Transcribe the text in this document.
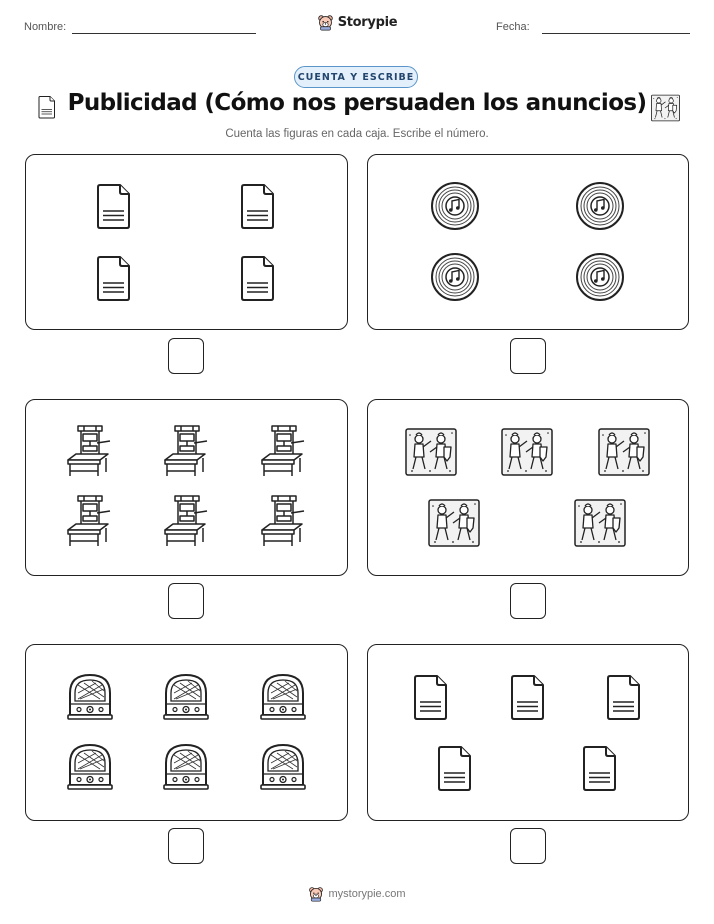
Nombre:	Storypie	Fecha:
CUENTA Y ESCRIBE
Publicidad (Cómo nos persuaden los anuncios)
Cuenta las figuras en cada caja. Escribe el número.
mystorypie.com
